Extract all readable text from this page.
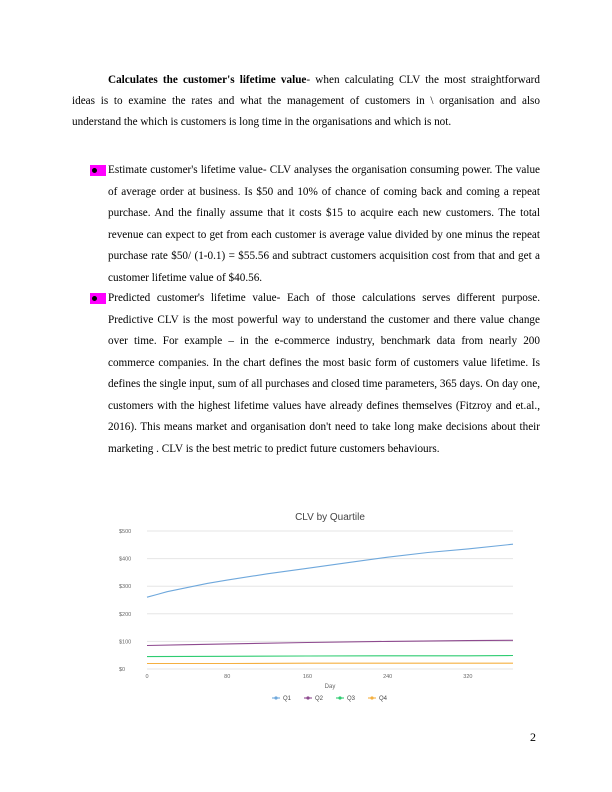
Calculates the customer's lifetime value- when calculating CLV the most straightforward ideas is to examine the rates and what the management of customers in \ organisation and also understand the which is customers is long time in the organisations and which is not.
Estimate customer's lifetime value- CLV analyses the organisation consuming power. The value of average order at business. Is $50 and 10% of chance of coming back and coming a repeat purchase. And the finally assume that it costs $15 to acquire each new customers. The total revenue can expect to get from each customer is average value divided by one minus the repeat purchase rate $50/ (1-0.1) = $55.56 and subtract customers acquisition cost from that and get a customer lifetime value of $40.56.
Predicted customer's lifetime value- Each of those calculations serves different purpose. Predictive CLV is the most powerful way to understand the customer and there value change over time. For example – in the e-commerce industry, benchmark data from nearly 200 commerce companies. In the chart defines the most basic form of customers value lifetime. Is defines the single input, sum of all purchases and closed time parameters, 365 days. On day one, customers with the highest lifetime values have already defines themselves (Fitzroy and et.al., 2016). This means market and organisation don't need to take long make decisions about their marketing . CLV is the best metric to predict future customers behaviours.
CLV by Quartile
$0
$100
$200
$300
$400
$500
0	80	160	240	320
Day
Q1	Q2	Q3	Q4
2
